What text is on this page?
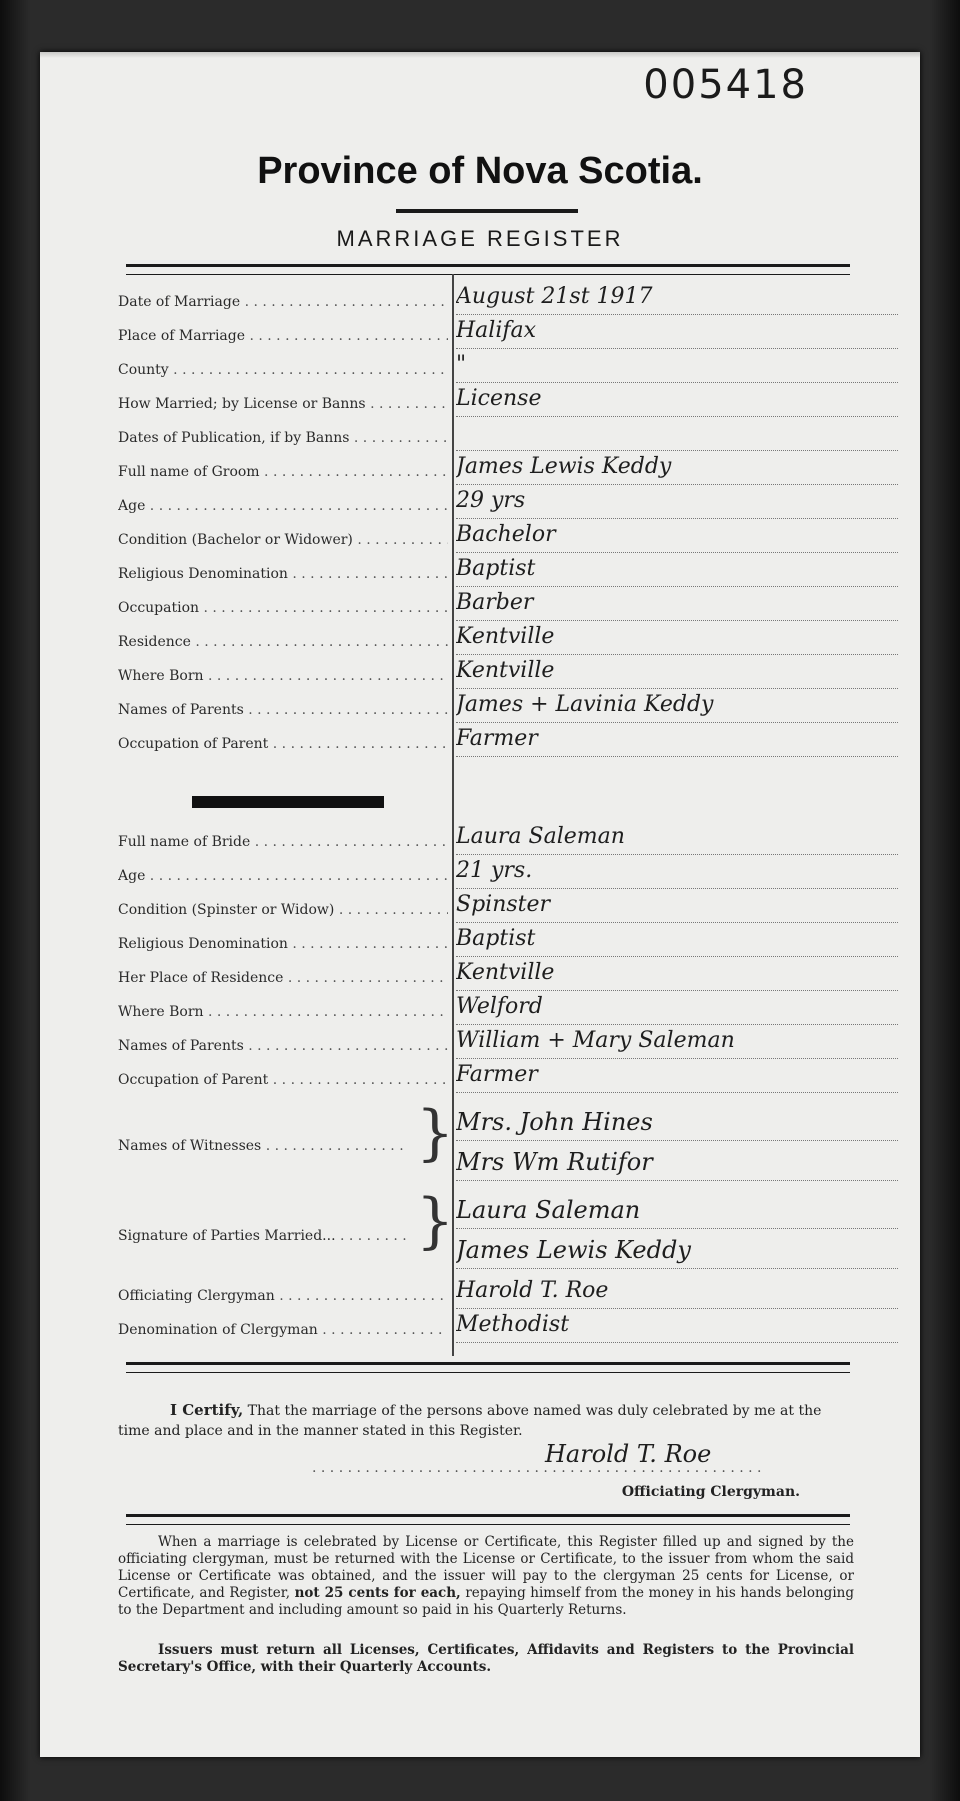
005418
Province of Nova Scotia.
MARRIAGE REGISTER
Date of Marriage . . .	August 21st 1917
Place of Marriage . . .	Halifax
County . . .	"
How Married; by License or Banns . . .	License
Dates of Publication, if by Banns . . .
Full name of Groom . . .	James Lewis Keddy
Age . . .	29 yrs
Condition (Bachelor or Widower) . . .	Bachelor
Religious Denomination . . .	Baptist
Occupation . . .	Barber
Residence . . .	Kentville
Where Born . . .	Kentville
Names of Parents . . .	James + Lavinia Keddy
Occupation of Parent . . .	Farmer
Full name of Bride . . .	Laura Saleman
Age . . .	21 yrs.
Condition (Spinster or Widow) . . .	Spinster
Religious Denomination . . .	Baptist
Her Place of Residence . . .	Kentville
Where Born . . .	Welford
Names of Parents . . .	William + Mary Saleman
Occupation of Parent . . .	Farmer
Names of Witnesses . . .
Mrs. John Hines
Mrs Wm Rutifor
}
Signature of Parties Married... . . .
Laura Saleman
James Lewis Keddy
}
Officiating Clergyman . . .	Harold T. Roe
Denomination of Clergyman . . .	Methodist
I Certify, That the marriage of the persons above named was duly celebrated by me at the time and place and in the manner stated in this Register.
Harold T. Roe
. . . . . . . . . . . . . . . . . . . . . . . . . . . . . . . . . . . . . . . . . . . . . . . . . . .
Officiating Clergyman.
When a marriage is celebrated by License or Certificate, this Register filled up and signed by the officiating clergyman, must be returned with the License or Certificate, to the issuer from whom the said License or Certificate was obtained, and the issuer will pay to the clergyman 25 cents for License, or Certificate, and Register, not 25 cents for each, repaying himself from the money in his hands belonging to the Department and including amount so paid in his Quarterly Returns.
Issuers must return all Licenses, Certificates, Affidavits and Registers to the Provincial Secretary's Office, with their Quarterly Accounts.
